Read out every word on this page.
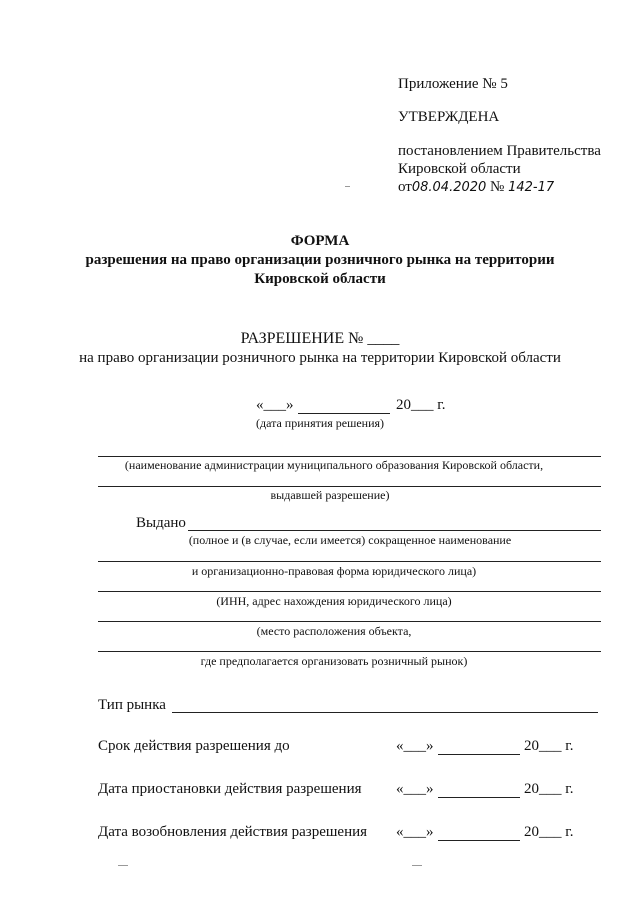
Приложение № 5
УТВЕРЖДЕНА
постановлением Правительства
Кировской области
от08.04.2020 № 142-17
ФОРМА
разрешения на право организации розничного рынка на территории
Кировской области
РАЗРЕШЕНИЕ № ____
на право организации розничного рынка на территории Кировской области
«___»	20___ г.
(дата принятия решения)
(наименование администрации муниципального образования Кировской области,
выдавшей разрешение)
Выдано
(полное и (в случае, если имеется) сокращенное наименование
и организационно-правовая форма юридического лица)
(ИНН, адрес нахождения юридического лица)
(место расположения объекта,
где предполагается организовать розничный рынок)
Тип рынка
Срок действия разрешения до	«___»	20___ г.
Дата приостановки действия разрешения «___»	20___ г.
Дата возобновления действия разрешения «___»	20___ г.
